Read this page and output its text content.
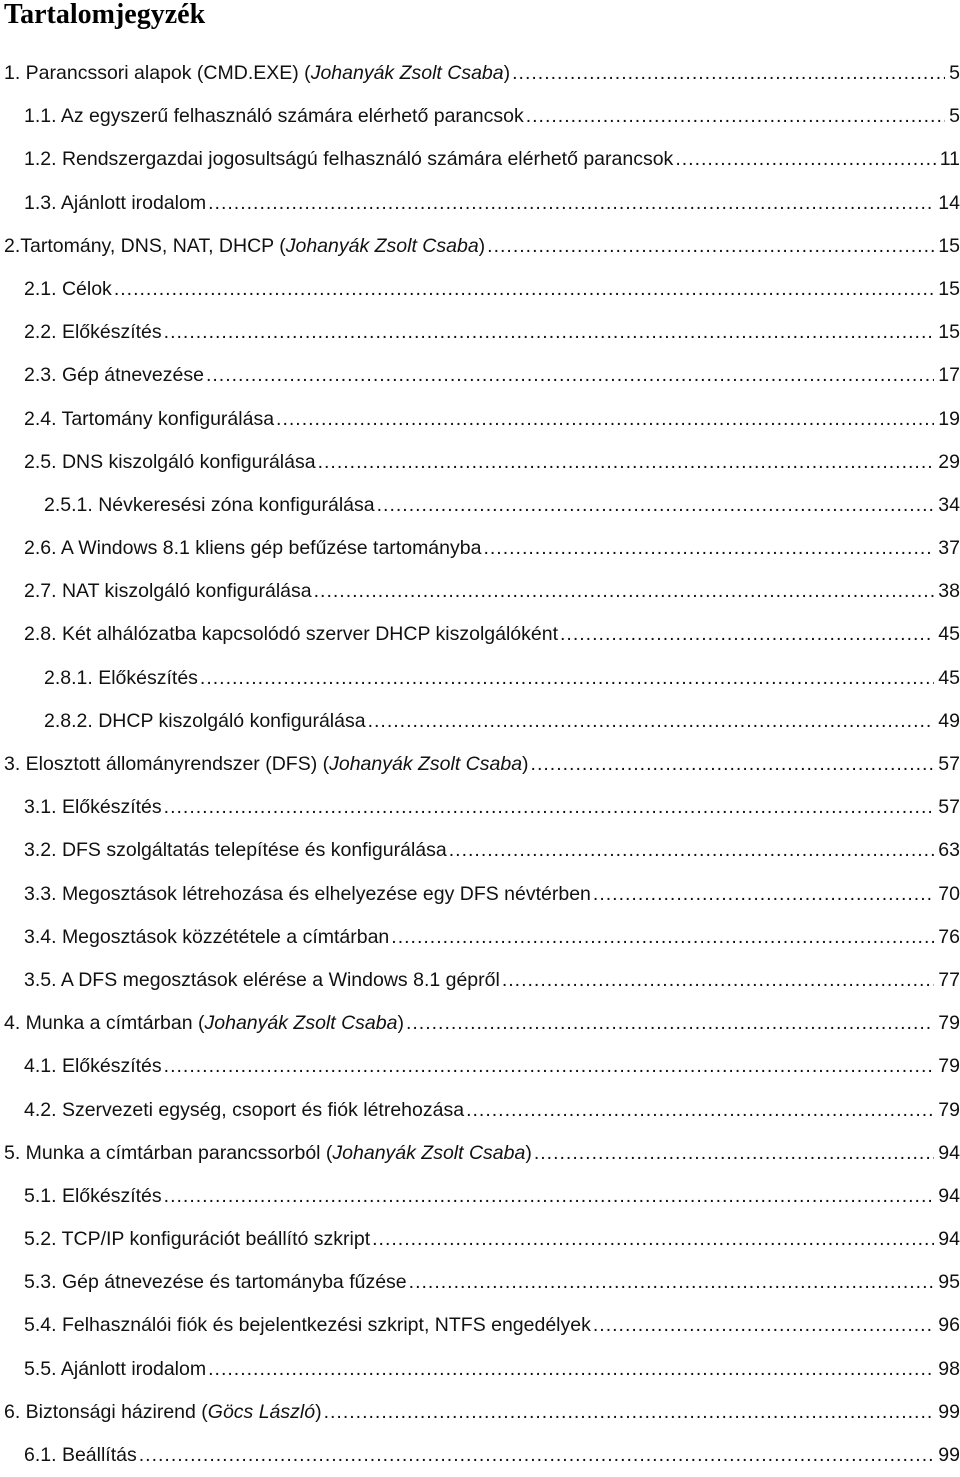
Tartalomjegyzék
1. Parancssori alapok (CMD.EXE) (Johanyák Zsolt Csaba) .....	5
1.1. Az egyszerű felhasználó számára elérhető parancsok .....	5
1.2. Rendszergazdai jogosultságú felhasználó számára elérhető parancsok .....	11
1.3. Ajánlott irodalom .....	14
2.Tartomány, DNS, NAT, DHCP (Johanyák Zsolt Csaba) .....	15
2.1. Célok .....	15
2.2. Előkészítés .....	15
2.3. Gép átnevezése .....	17
2.4. Tartomány konfigurálása .....	19
2.5. DNS kiszolgáló konfigurálása .....	29
2.5.1. Névkeresési zóna konfigurálása .....	34
2.6. A Windows 8.1 kliens gép befűzése tartományba .....	37
2.7. NAT kiszolgáló konfigurálása .....	38
2.8. Két alhálózatba kapcsolódó szerver DHCP kiszolgálóként .....	45
2.8.1. Előkészítés .....	45
2.8.2. DHCP kiszolgáló konfigurálása .....	49
3. Elosztott állományrendszer (DFS) (Johanyák Zsolt Csaba) .....	57
3.1. Előkészítés .....	57
3.2. DFS szolgáltatás telepítése és konfigurálása .....	63
3.3. Megosztások létrehozása és elhelyezése egy DFS névtérben .....	70
3.4. Megosztások közzététele a címtárban .....	76
3.5. A DFS megosztások elérése a Windows 8.1 gépről .....	77
4. Munka a címtárban (Johanyák Zsolt Csaba) .....	79
4.1. Előkészítés .....	79
4.2. Szervezeti egység, csoport és fiók létrehozása .....	79
5. Munka a címtárban parancssorból (Johanyák Zsolt Csaba) .....	94
5.1. Előkészítés .....	94
5.2. TCP/IP konfigurációt beállító szkript .....	94
5.3. Gép átnevezése és tartományba fűzése .....	95
5.4. Felhasználói fiók és bejelentkezési szkript, NTFS engedélyek .....	96
5.5. Ajánlott irodalom .....	98
6. Biztonsági házirend (Göcs László) .....	99
6.1. Beállítás .....	99
